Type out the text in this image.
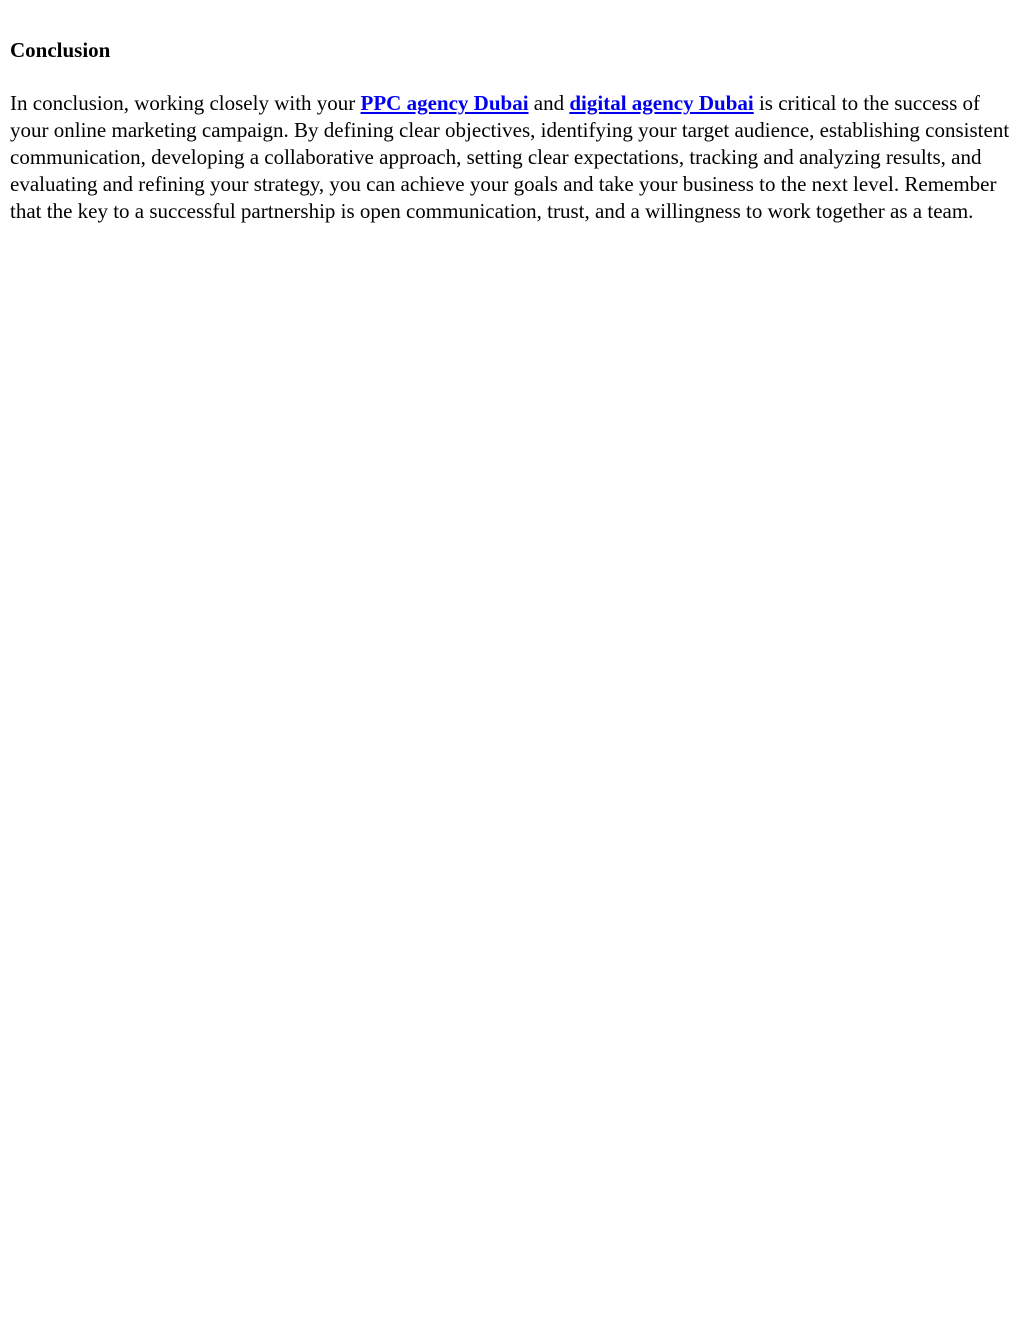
Conclusion

In conclusion, working closely with your PPC agency Dubai and digital agency Dubai is critical to the success of your online marketing campaign. By defining clear objectives, identifying your target audience, establishing consistent communication, developing a collaborative approach, setting clear expectations, tracking and analyzing results, and evaluating and refining your strategy, you can achieve your goals and take your business to the next level. Remember that the key to a successful partnership is open communication, trust, and a willingness to work together as a team.
